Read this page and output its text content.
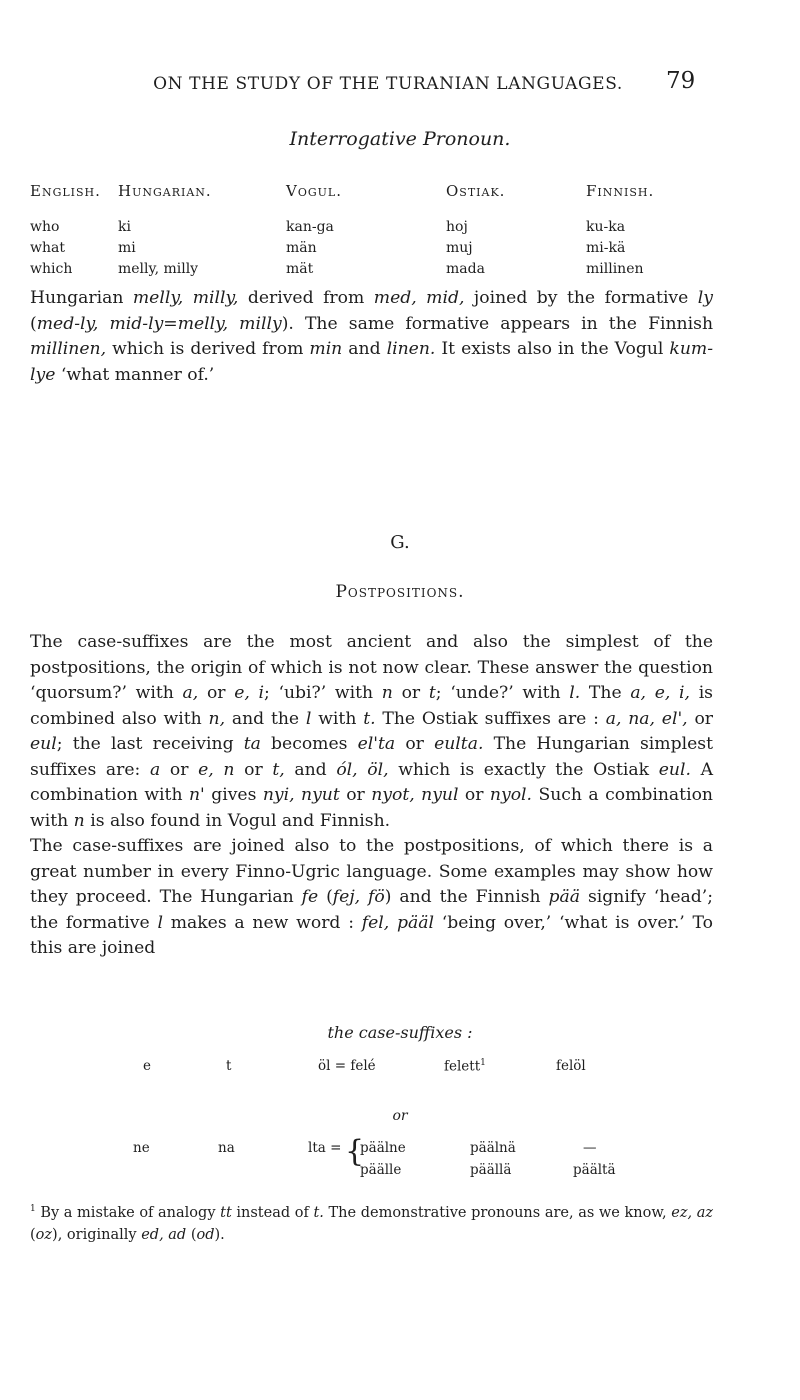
ON THE STUDY OF THE TURANIAN LANGUAGES.	79
Interrogative Pronoun.
English.	Hungarian.	Vogul.	Ostiak.	Finnish.
who	ki	kan-ga	hoj	ku-ka
what	mi	män	muj	mi-kä
which	melly, milly	mät	mada	millinen

Hungarian melly, milly, derived from med, mid, joined by the formative ly (med-ly, mid-ly=melly, milly). The same formative appears in the Finnish millinen, which is derived from min and linen. It exists also in the Vogul kum-lye ‘what manner of.’

G.
Postpositions.

The case-suffixes are the most ancient and also the simplest of the postpositions, the origin of which is not now clear. These answer the question ‘quorsum?’ with a, or e, i; ‘ubi?’ with n or t; ‘unde?’ with l. The a, e, i, is combined also with n, and the l with t. The Ostiak suffixes are : a, na, el', or eul; the last receiving ta becomes el'ta or eulta. The Hungarian simplest suffixes are: a or e, n or t, and ól, öl, which is exactly the Ostiak eul. A combination with n' gives nyi, nyut or nyot, nyul or nyol. Such a combination with n is also found in Vogul and Finnish.

The case-suffixes are joined also to the postpositions, of which there is a great number in every Finno-Ugric language. Some examples may show how they proceed. The Hungarian fe (fej, fö) and the Finnish pää signify ‘head’; the formative l makes a new word : fel, pääl ‘being over,’ ‘what is over.’ To this are joined

the case-suffixes :
e	t	öl = felé	felett$^1$	felöl
or
ne	na	lta = {
päälne	päälnä	—
päälle	päällä	päältä
$^1$ By a mistake of analogy tt instead of t. The demonstrative pronouns are, as we know, ez, az (oz), originally ed, ad (od).
